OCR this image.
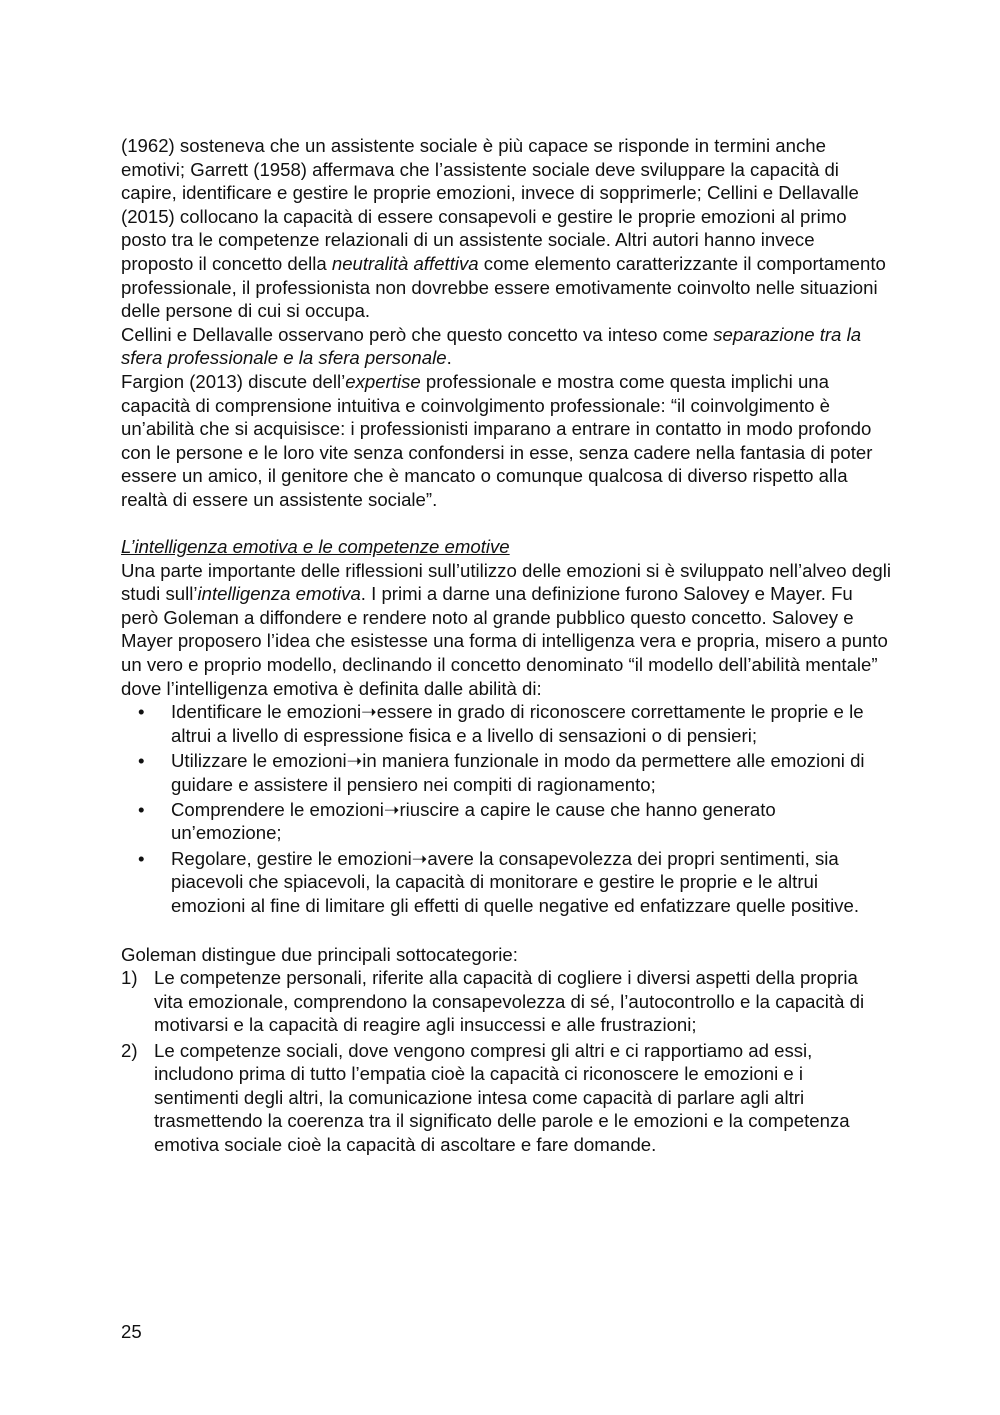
(1962) sosteneva che un assistente sociale è più capace se risponde in termini anche emotivi; Garrett (1958) affermava che l’assistente sociale deve sviluppare la capacità di capire, identificare e gestire le proprie emozioni, invece di sopprimerle; Cellini e Dellavalle (2015) collocano la capacità di essere consapevoli e gestire le proprie emozioni al primo posto tra le competenze relazionali di un assistente sociale. Altri autori hanno invece proposto il concetto della neutralità affettiva come elemento caratterizzante il comportamento professionale, il professionista non dovrebbe essere emotivamente coinvolto nelle situazioni delle persone di cui si occupa.

Cellini e Dellavalle osservano però che questo concetto va inteso come separazione tra la sfera professionale e la sfera personale.

Fargion (2013) discute dell’expertise professionale e mostra come questa implichi una capacità di comprensione intuitiva e coinvolgimento professionale: “il coinvolgimento è un’abilità che si acquisisce: i professionisti imparano a entrare in contatto in modo profondo con le persone e le loro vite senza confondersi in esse, senza cadere nella fantasia di poter essere un amico, il genitore che è mancato o comunque qualcosa di diverso rispetto alla realtà di essere un assistente sociale”.

L’intelligenza emotiva e le competenze emotive

Una parte importante delle riflessioni sull’utilizzo delle emozioni si è sviluppato nell’alveo degli studi sull’intelligenza emotiva. I primi a darne una definizione furono Salovey e Mayer. Fu però Goleman a diffondere e rendere noto al grande pubblico questo concetto. Salovey e Mayer proposero l’idea che esistesse una forma di intelligenza vera e propria, misero a punto un vero e proprio modello, declinando il concetto denominato “il modello dell’abilità mentale” dove l’intelligenza emotiva è definita dalle abilità di:

• Identificare le emozioni➝essere in grado di riconoscere correttamente le proprie e le altrui a livello di espressione fisica e a livello di sensazioni o di pensieri;
• Utilizzare le emozioni➝in maniera funzionale in modo da permettere alle emozioni di guidare e assistere il pensiero nei compiti di ragionamento;
• Comprendere le emozioni➝riuscire a capire le cause che hanno generato un’emozione;
• Regolare, gestire le emozioni➝avere la consapevolezza dei propri sentimenti, sia piacevoli che spiacevoli, la capacità di monitorare e gestire le proprie e le altrui emozioni al fine di limitare gli effetti di quelle negative ed enfatizzare quelle positive.

Goleman distingue due principali sottocategorie:

1) Le competenze personali, riferite alla capacità di cogliere i diversi aspetti della propria vita emozionale, comprendono la consapevolezza di sé, l’autocontrollo e la capacità di motivarsi e la capacità di reagire agli insuccessi e alle frustrazioni;
2) Le competenze sociali, dove vengono compresi gli altri e ci rapportiamo ad essi, includono prima di tutto l’empatia cioè la capacità ci riconoscere le emozioni e i sentimenti degli altri, la comunicazione intesa come capacità di parlare agli altri trasmettendo la coerenza tra il significato delle parole e le emozioni e la competenza emotiva sociale cioè la capacità di ascoltare e fare domande.
25
